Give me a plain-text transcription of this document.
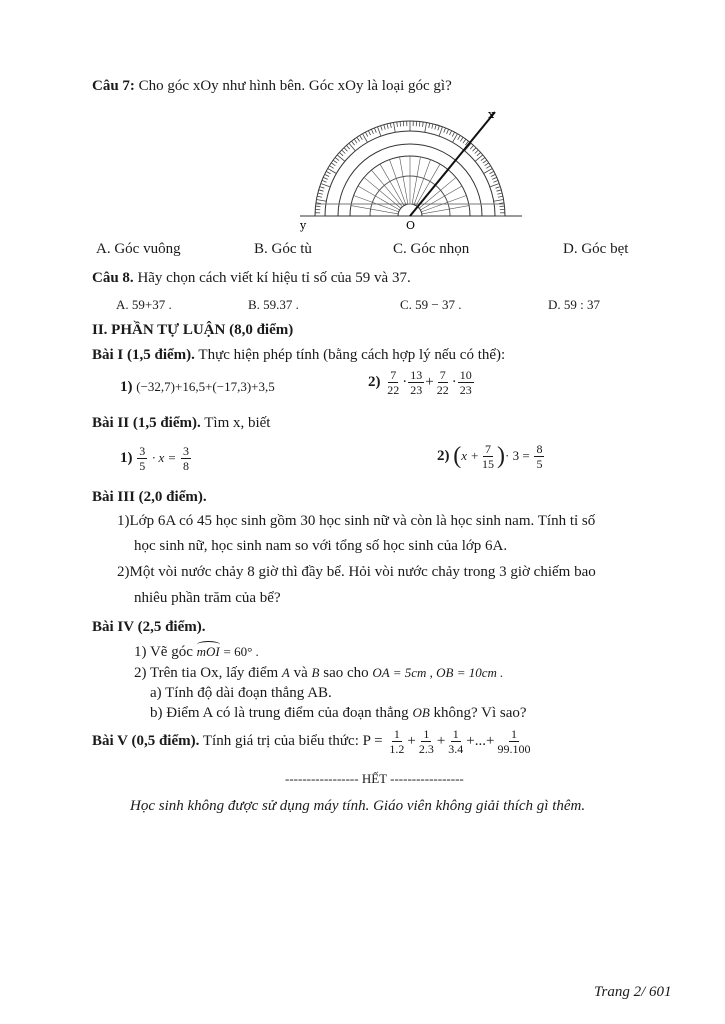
Câu 7: Cho góc xOy như hình bên. Góc xOy là loại góc gì?
x
y	O
A. Góc vuông	B. Góc tù	C. Góc nhọn	D. Góc bẹt
Câu 8. Hãy chọn cách viết kí hiệu tỉ số của 59 và 37.
A. 59+37 .	B. 59.37 .	C. 59 − 37 .	D. 59 : 37
II. PHẦN TỰ LUẬN (8,0 điểm)
Bài I (1,5 điểm). Thực hiện phép tính (bằng cách hợp lý nếu có thể):
1) (−32,7)+16,5+(−17,3)+3,5	$2) \frac{7}{22} \cdot \frac{13}{23} + \frac{7}{22} \cdot \frac{10}{23}$
Bài II (1,5 điểm). Tìm x, biết
$1) \frac{3}{5} \cdot x = \frac{3}{8}$	2) ($x + \frac{7}{15}$ )· $3 = \frac{8}{5}$
Bài III (2,0 điểm).
1)Lớp 6A có 45 học sinh gồm 30 học sinh nữ và còn là học sinh nam. Tính tỉ số
học sinh nữ, học sinh nam so với tổng số học sinh của lớp 6A.
2)Một vòi nước chảy 8 giờ thì đầy bể. Hỏi vòi nước chảy trong 3 giờ chiếm bao
nhiêu phần trăm của bể?
Bài IV (2,5 điểm).
1) Vẽ góc mOI = 60° .
2) Trên tia Ox, lấy điểm A và B sao cho OA = 5cm , OB = 10cm .
a) Tính độ dài đoạn thẳng AB.
b) Điểm A có là trung điểm của đoạn thẳng OB không? Vì sao?
Bài V (0,5 điểm). Tính giá trị của biểu thức: $P = \frac{1}{1.2} + \frac{1}{2.3} + \frac{1}{3.4}$ +...+ $\frac{1}{99.100}$
----------------- HẾT -----------------
Học sinh không được sử dụng máy tính. Giáo viên không giải thích gì thêm.
Trang 2/ 601
